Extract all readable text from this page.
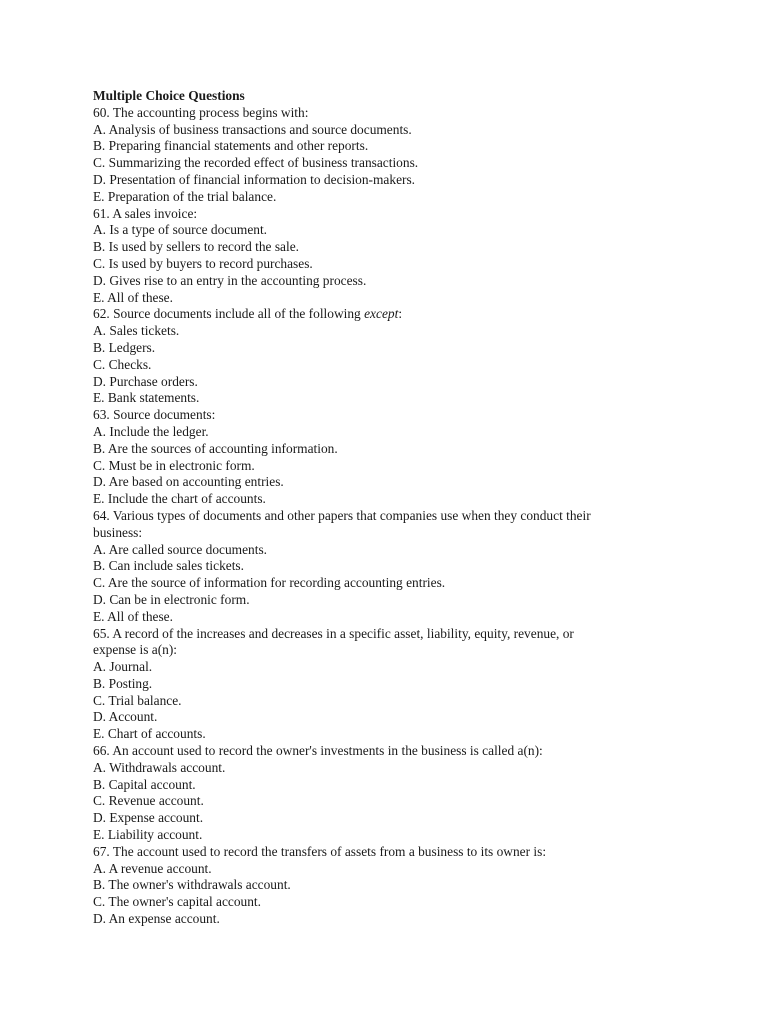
Multiple Choice Questions
60. The accounting process begins with:
A. Analysis of business transactions and source documents.
B. Preparing financial statements and other reports.
C. Summarizing the recorded effect of business transactions.
D. Presentation of financial information to decision-makers.
E. Preparation of the trial balance.
61. A sales invoice:
A. Is a type of source document.
B. Is used by sellers to record the sale.
C. Is used by buyers to record purchases.
D. Gives rise to an entry in the accounting process.
E. All of these.
62. Source documents include all of the following except:
A. Sales tickets.
B. Ledgers.
C. Checks.
D. Purchase orders.
E. Bank statements.
63. Source documents:
A. Include the ledger.
B. Are the sources of accounting information.
C. Must be in electronic form.
D. Are based on accounting entries.
E. Include the chart of accounts.
64. Various types of documents and other papers that companies use when they conduct their
business:
A. Are called source documents.
B. Can include sales tickets.
C. Are the source of information for recording accounting entries.
D. Can be in electronic form.
E. All of these.
65. A record of the increases and decreases in a specific asset, liability, equity, revenue, or
expense is a(n):
A. Journal.
B. Posting.
C. Trial balance.
D. Account.
E. Chart of accounts.
66. An account used to record the owner's investments in the business is called a(n):
A. Withdrawals account.
B. Capital account.
C. Revenue account.
D. Expense account.
E. Liability account.
67. The account used to record the transfers of assets from a business to its owner is:
A. A revenue account.
B. The owner's withdrawals account.
C. The owner's capital account.
D. An expense account.
